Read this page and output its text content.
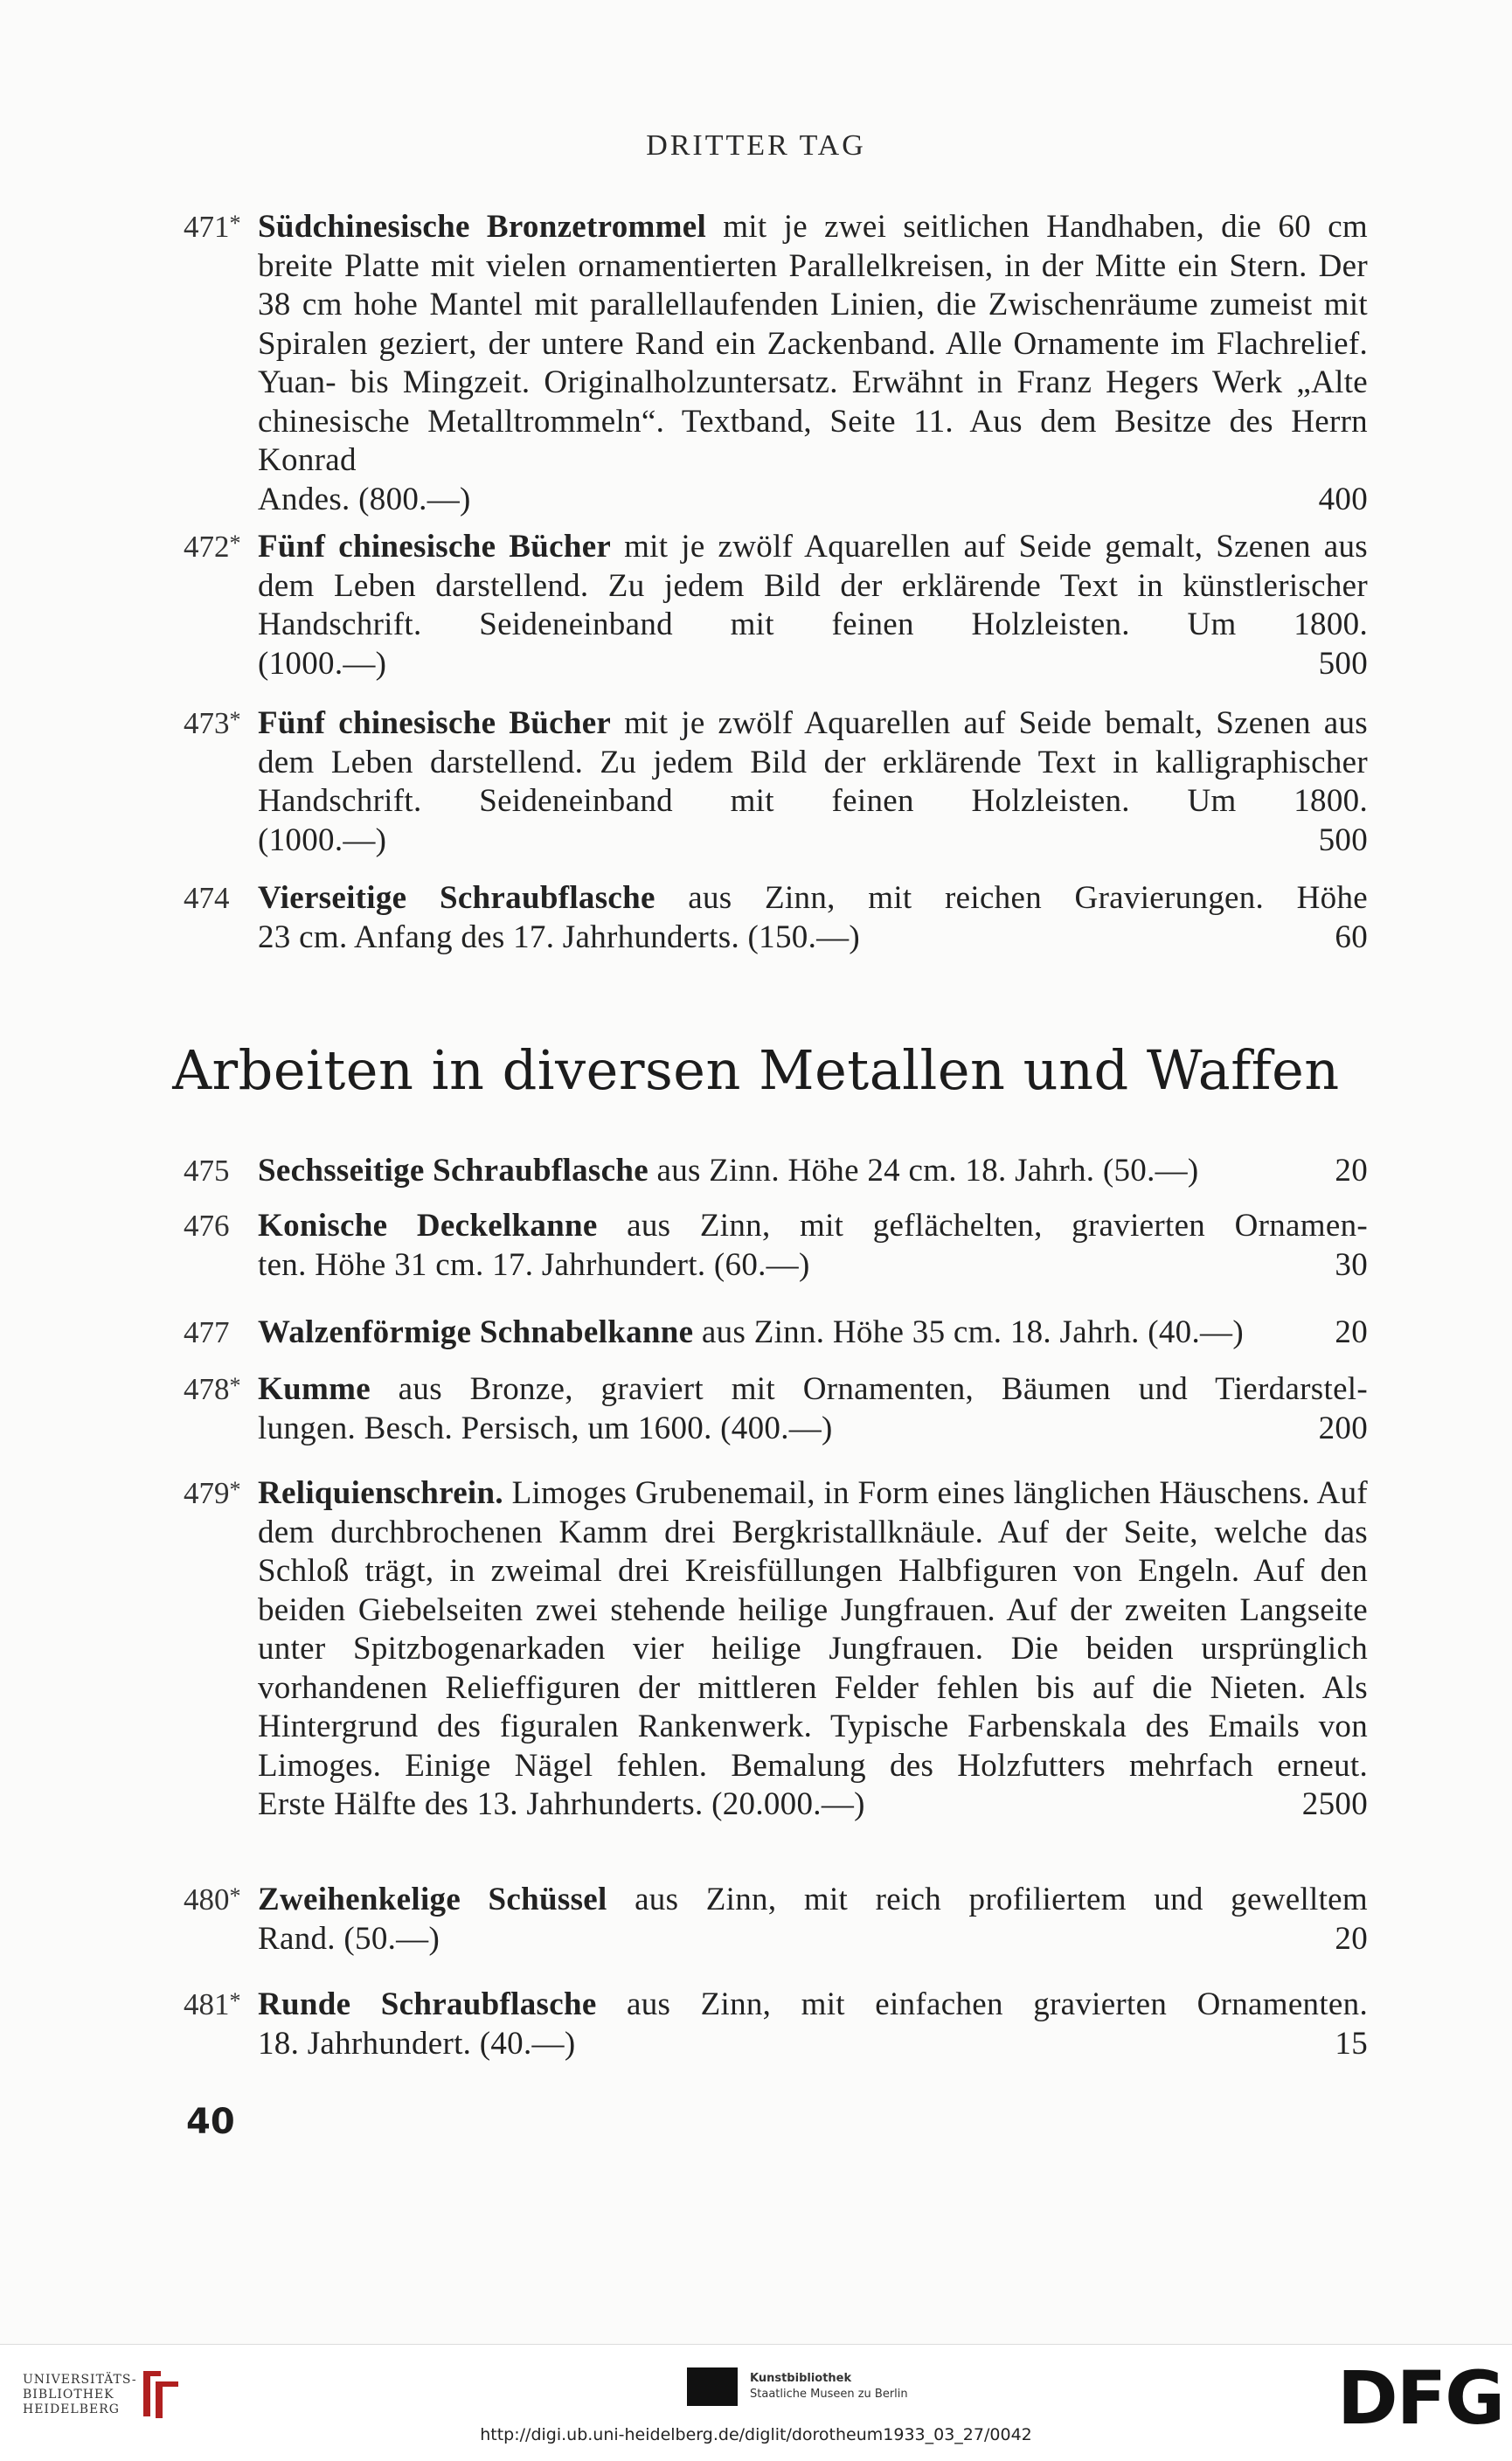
DRITTER TAG
471* Südchinesische Bronzetrommel mit je zwei seitlichen Handhaben, die 60 cm breite Platte mit vielen ornamentierten Parallelkreisen, in der Mitte ein Stern. Der 38 cm hohe Mantel mit parallellaufenden Linien, die Zwischenräume zumeist mit Spiralen geziert, der untere Rand ein Zackenband. Alle Ornamente im Flachrelief. Yuan- bis Mingzeit. Originalholzuntersatz. Erwähnt in Franz Hegers Werk „Alte chinesische Metalltrommeln“. Textband, Seite 11. Aus dem Besitze des Herrn Konrad
Andes. (800.—)	400
472* Fünf chinesische Bücher mit je zwölf Aquarellen auf Seide gemalt, Szenen aus dem Leben darstellend. Zu jedem Bild der erklärende Text in künstlerischer Handschrift. Seideneinband mit feinen Holzleisten. Um 1800.
(1000.—)	500
473* Fünf chinesische Bücher mit je zwölf Aquarellen auf Seide bemalt, Szenen aus dem Leben darstellend. Zu jedem Bild der erklärende Text in kalligraphischer Handschrift. Seideneinband mit feinen Holzleisten. Um 1800.
(1000.—)	500
474 Vierseitige Schraubflasche aus Zinn, mit reichen Gravierungen. Höhe
23 cm. Anfang des 17. Jahrhunderts. (150.—)	60
475 Sechsseitige Schraubflasche aus Zinn. Höhe 24 cm. 18. Jahrh. (50.—)	20
476 Konische Deckelkanne aus Zinn, mit geflächelten, gravierten Ornamen-
ten. Höhe 31 cm. 17. Jahrhundert. (60.—)	30
477 Walzenförmige Schnabelkanne aus Zinn. Höhe 35 cm. 18. Jahrh. (40.—)	20
478* Kumme aus Bronze, graviert mit Ornamenten, Bäumen und Tierdarstel-
lungen. Besch. Persisch, um 1600. (400.—)	200
479* Reliquienschrein. Limoges Grubenemail, in Form eines länglichen Häuschens. Auf dem durchbrochenen Kamm drei Bergkristallknäule. Auf der Seite, welche das Schloß trägt, in zweimal drei Kreisfüllungen Halbfiguren von Engeln. Auf den beiden Giebelseiten zwei stehende heilige Jungfrauen. Auf der zweiten Langseite unter Spitzbogenarkaden vier heilige Jungfrauen. Die beiden ursprünglich vorhandenen Relieffiguren der mittleren Felder fehlen bis auf die Nieten. Als Hintergrund des figuralen Rankenwerk. Typische Farbenskala des Emails von Limoges. Einige Nägel fehlen. Bemalung des Holzfutters mehrfach erneut.
Erste Hälfte des 13. Jahrhunderts. (20.000.—)	2500
480* Zweihenkelige Schüssel aus Zinn, mit reich profiliertem und gewelltem
Rand. (50.—)	20
481* Runde Schraubflasche aus Zinn, mit einfachen gravierten Ornamenten.
18. Jahrhundert. (40.—)	15
Arbeiten in diversen Metallen und Waffen
40
UNIVERSITÄTS-
BIBLIOTHEK
HEIDELBERG
Kunstbibliothek
Staatliche Museen zu Berlin	DFG
http://digi.ub.uni-heidelberg.de/diglit/dorotheum1933_03_27/0042
